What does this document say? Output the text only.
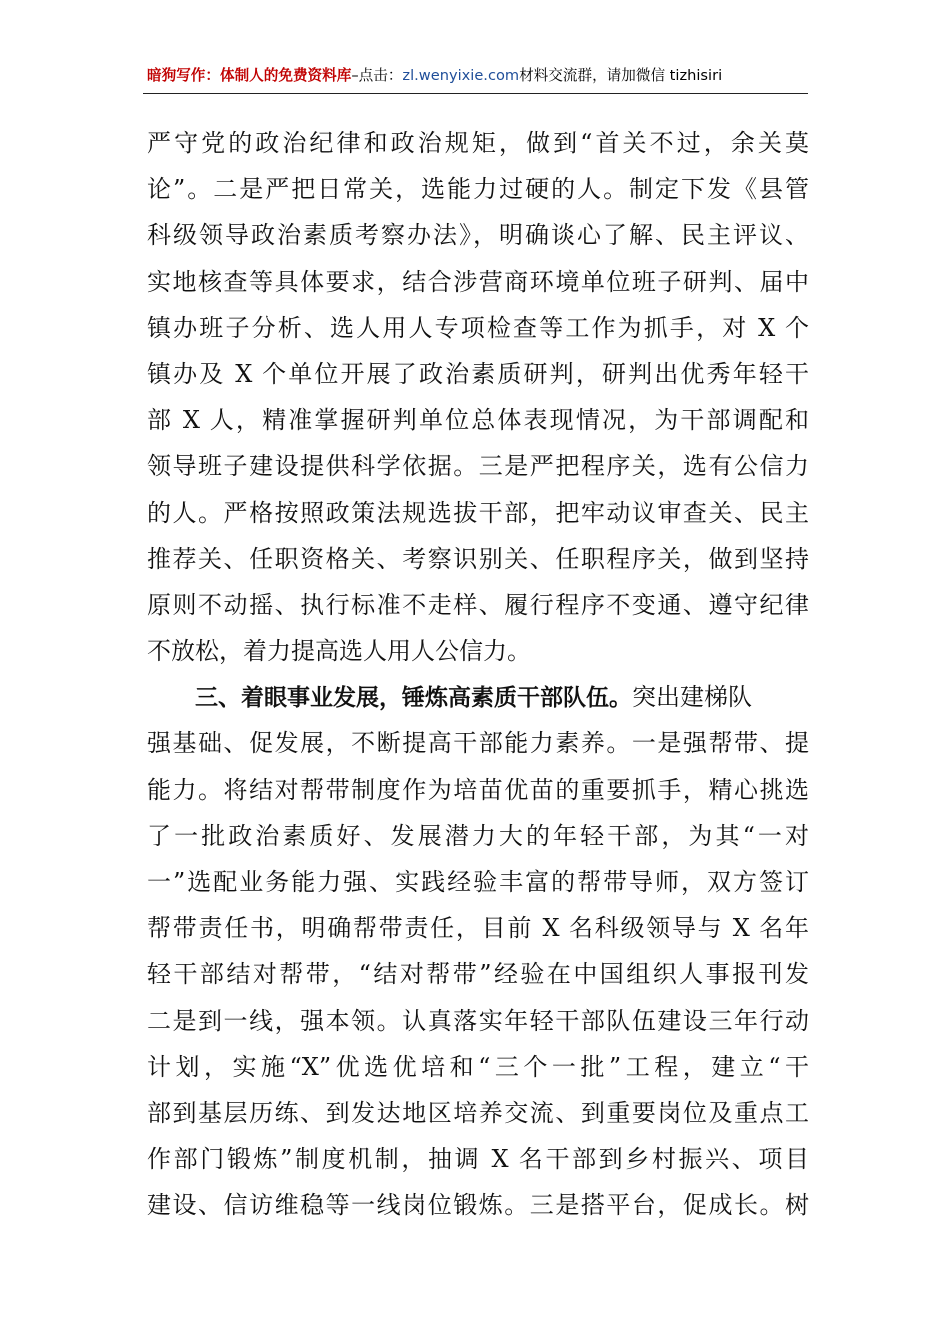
暗狗写作：体制人的免费资料库–点击：zl.wenyixie.com材料交流群，请加微信 tizhisiri
严守党的政治纪律和政治规矩，做到“首关不过，余关莫
论”。二是严把日常关，选能力过硬的人。制定下发《县管
科级领导政治素质考察办法》，明确谈心了解、民主评议、
实地核查等具体要求，结合涉营商环境单位班子研判、届中
镇办班子分析、选人用人专项检查等工作为抓手，对 X 个
镇办及 X 个单位开展了政治素质研判，研判出优秀年轻干
部 X 人，精准掌握研判单位总体表现情况，为干部调配和
领导班子建设提供科学依据。三是严把程序关，选有公信力
的人。严格按照政策法规选拔干部，把牢动议审查关、民主
推荐关、任职资格关、考察识别关、任职程序关，做到坚持
原则不动摇、执行标准不走样、履行程序不变通、遵守纪律
不放松，着力提高选人用人公信力。
三、着眼事业发展，锤炼高素质干部队伍。突出建梯队
强基础、促发展，不断提高干部能力素养。一是强帮带、提
能力。将结对帮带制度作为培苗优苗的重要抓手，精心挑选
了一批政治素质好、发展潜力大的年轻干部，为其“一对
一”选配业务能力强、实践经验丰富的帮带导师，双方签订
帮带责任书，明确帮带责任，目前 X 名科级领导与 X 名年
轻干部结对帮带，“结对帮带”经验在中国组织人事报刊发
二是到一线，强本领。认真落实年轻干部队伍建设三年行动
计划，实施“X”优选优培和“三个一批”工程，建立“干
部到基层历练、到发达地区培养交流、到重要岗位及重点工
作部门锻炼”制度机制，抽调 X 名干部到乡村振兴、项目
建设、信访维稳等一线岗位锻炼。三是搭平台，促成长。树
